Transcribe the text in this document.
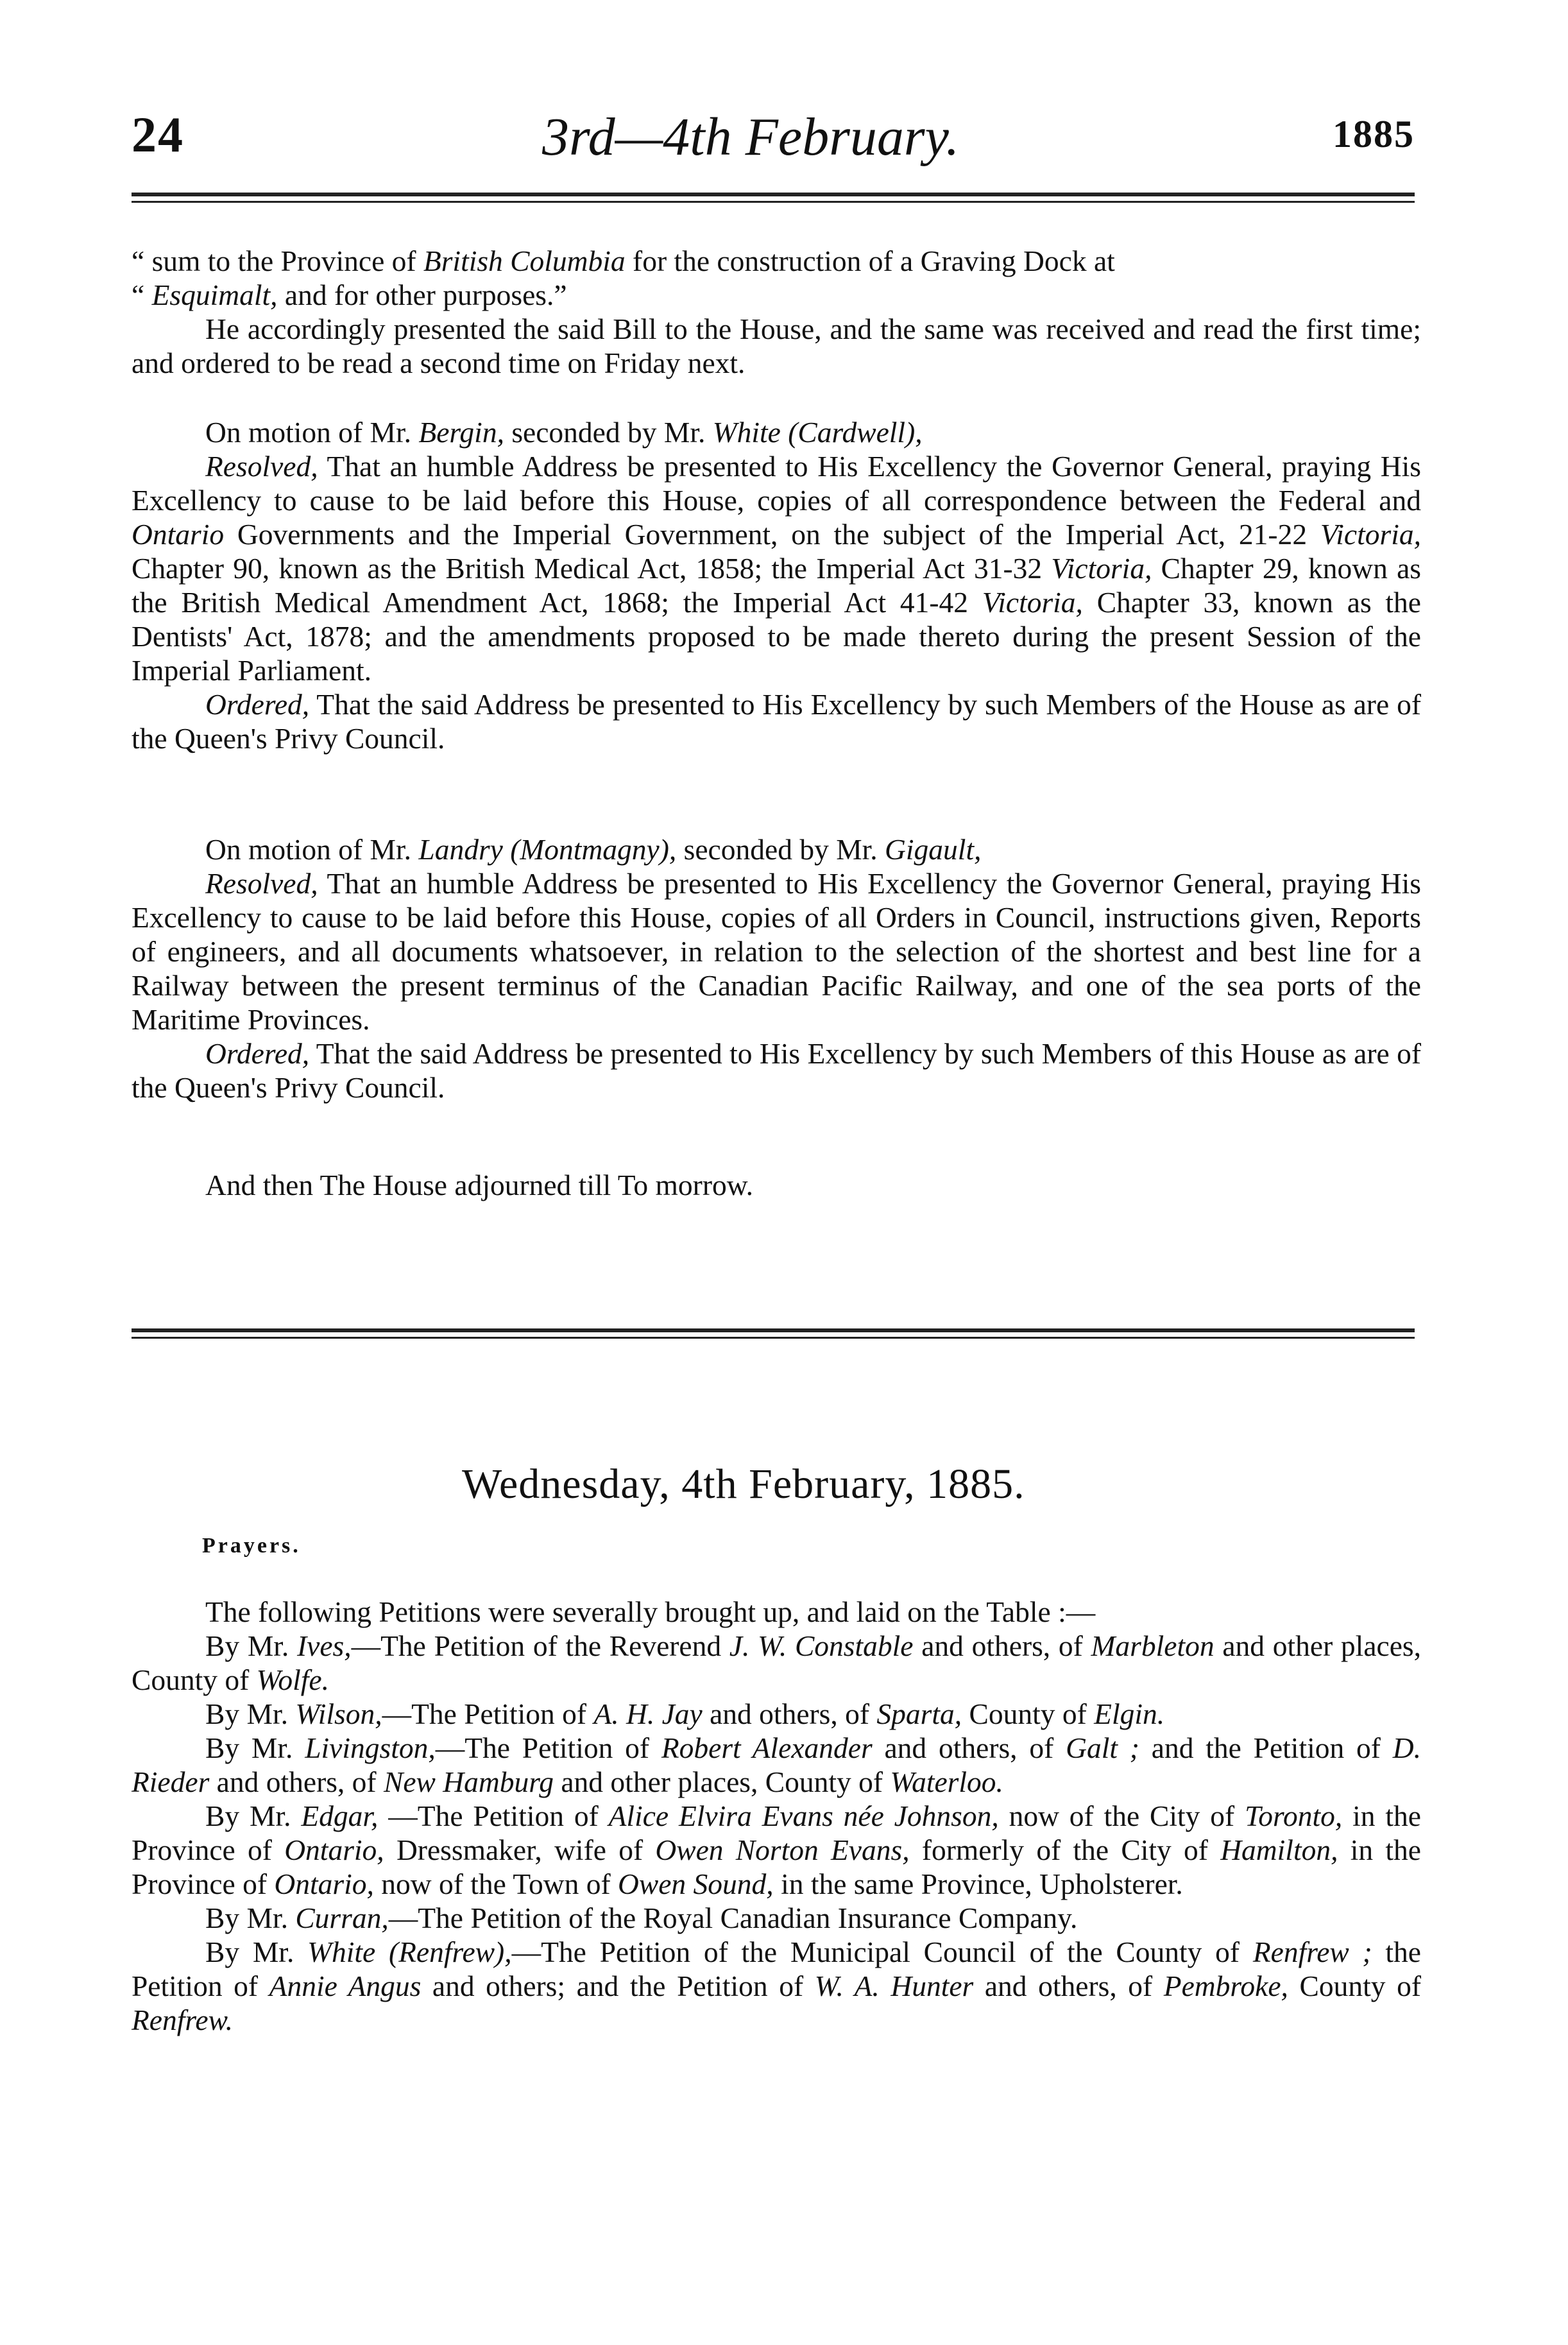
24	3rd—4th February.	1885

“ sum to the Province of British Columbia for the construction of a Graving Dock at
“ Esquimalt, and for other purposes.”

He accordingly presented the said Bill to the House, and the same was received and read the first time; and ordered to be read a second time on Friday next.

On motion of Mr. Bergin, seconded by Mr. White (Cardwell),

Resolved, That an humble Address be presented to His Excellency the Governor General, praying His Excellency to cause to be laid before this House, copies of all correspondence between the Federal and Ontario Governments and the Imperial Government, on the subject of the Imperial Act, 21-22 Victoria, Chapter 90, known as the British Medical Act, 1858; the Imperial Act 31-32 Victoria, Chapter 29, known as the British Medical Amendment Act, 1868; the Imperial Act 41-42 Victoria, Chapter 33, known as the Dentists' Act, 1878; and the amendments proposed to be made thereto during the present Session of the Imperial Parliament.

Ordered, That the said Address be presented to His Excellency by such Members of the House as are of the Queen's Privy Council.

On motion of Mr. Landry (Montmagny), seconded by Mr. Gigault,

Resolved, That an humble Address be presented to His Excellency the Governor General, praying His Excellency to cause to be laid before this House, copies of all Orders in Council, instructions given, Reports of engineers, and all documents whatsoever, in relation to the selection of the shortest and best line for a Railway between the present terminus of the Canadian Pacific Railway, and one of the sea ports of the Maritime Provinces.

Ordered, That the said Address be presented to His Excellency by such Members of this House as are of the Queen's Privy Council.

And then The House adjourned till To morrow.

Wednesday, 4th February, 1885.
Prayers.

The following Petitions were severally brought up, and laid on the Table :—

By Mr. Ives,—The Petition of the Reverend J. W. Constable and others, of Marbleton and other places, County of Wolfe.

By Mr. Wilson,—The Petition of A. H. Jay and others, of Sparta, County of Elgin.

By Mr. Livingston,—The Petition of Robert Alexander and others, of Galt ; and the Petition of D. Rieder and others, of New Hamburg and other places, County of Waterloo.

By Mr. Edgar, —The Petition of Alice Elvira Evans née Johnson, now of the City of Toronto, in the Province of Ontario, Dressmaker, wife of Owen Norton Evans, formerly of the City of Hamilton, in the Province of Ontario, now of the Town of Owen Sound, in the same Province, Upholsterer.

By Mr. Curran,—The Petition of the Royal Canadian Insurance Company.

By Mr. White (Renfrew),—The Petition of the Municipal Council of the County of Renfrew ; the Petition of Annie Angus and others; and the Petition of W. A. Hunter and others, of Pembroke, County of Renfrew.
